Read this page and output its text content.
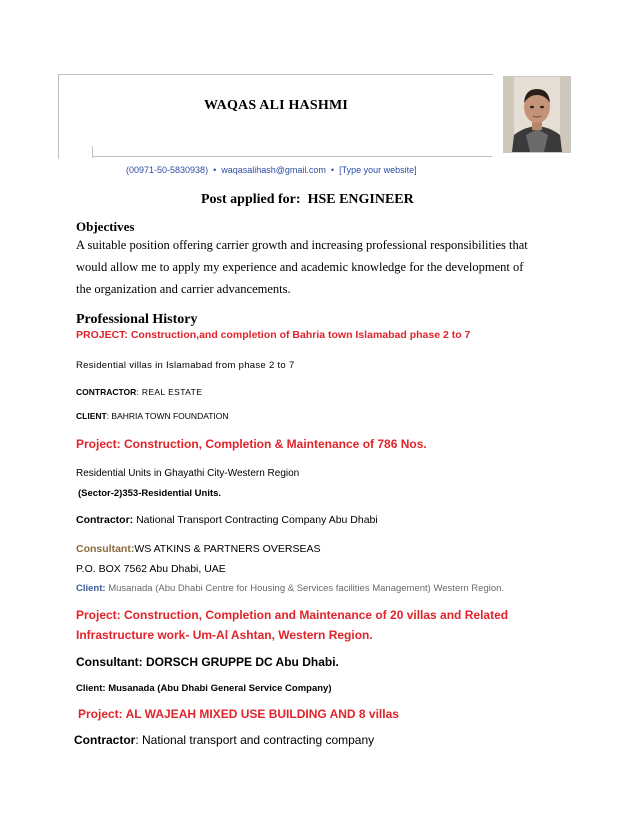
WAQAS ALI HASHMI
(00971-50-5830938) • waqasalihash@gmail.com • [Type your website]
Post applied for: HSE ENGINEER
Objectives
A suitable position offering carrier growth and increasing professional responsibilities that
would allow me to apply my experience and academic knowledge for the development of
the organization and carrier advancements.
Professional History
PROJECT: Construction,and completion of Bahria town Islamabad phase 2 to 7
Residential villas in Islamabad from phase 2 to 7
CONTRACTOR: REAL ESTATE
CLIENT: BAHRIA TOWN FOUNDATION
Project: Construction, Completion & Maintenance of 786 Nos.
Residential Units in Ghayathi City-Western Region
(Sector-2)353-Residential Units.
Contractor: National Transport Contracting Company Abu Dhabi
Consultant:WS ATKINS & PARTNERS OVERSEAS
P.O. BOX 7562 Abu Dhabi, UAE
Client: Musanada (Abu Dhabi Centre for Housing & Services facilities Management) Western Region.
Project: Construction, Completion and Maintenance of 20 villas and Related
Infrastructure work- Um-Al Ashtan, Western Region.
Consultant: DORSCH GRUPPE DC Abu Dhabi.
Client: Musanada (Abu Dhabi General Service Company)
Project: AL WAJEAH MIXED USE BUILDING AND 8 villas
Contractor: National transport and contracting company
